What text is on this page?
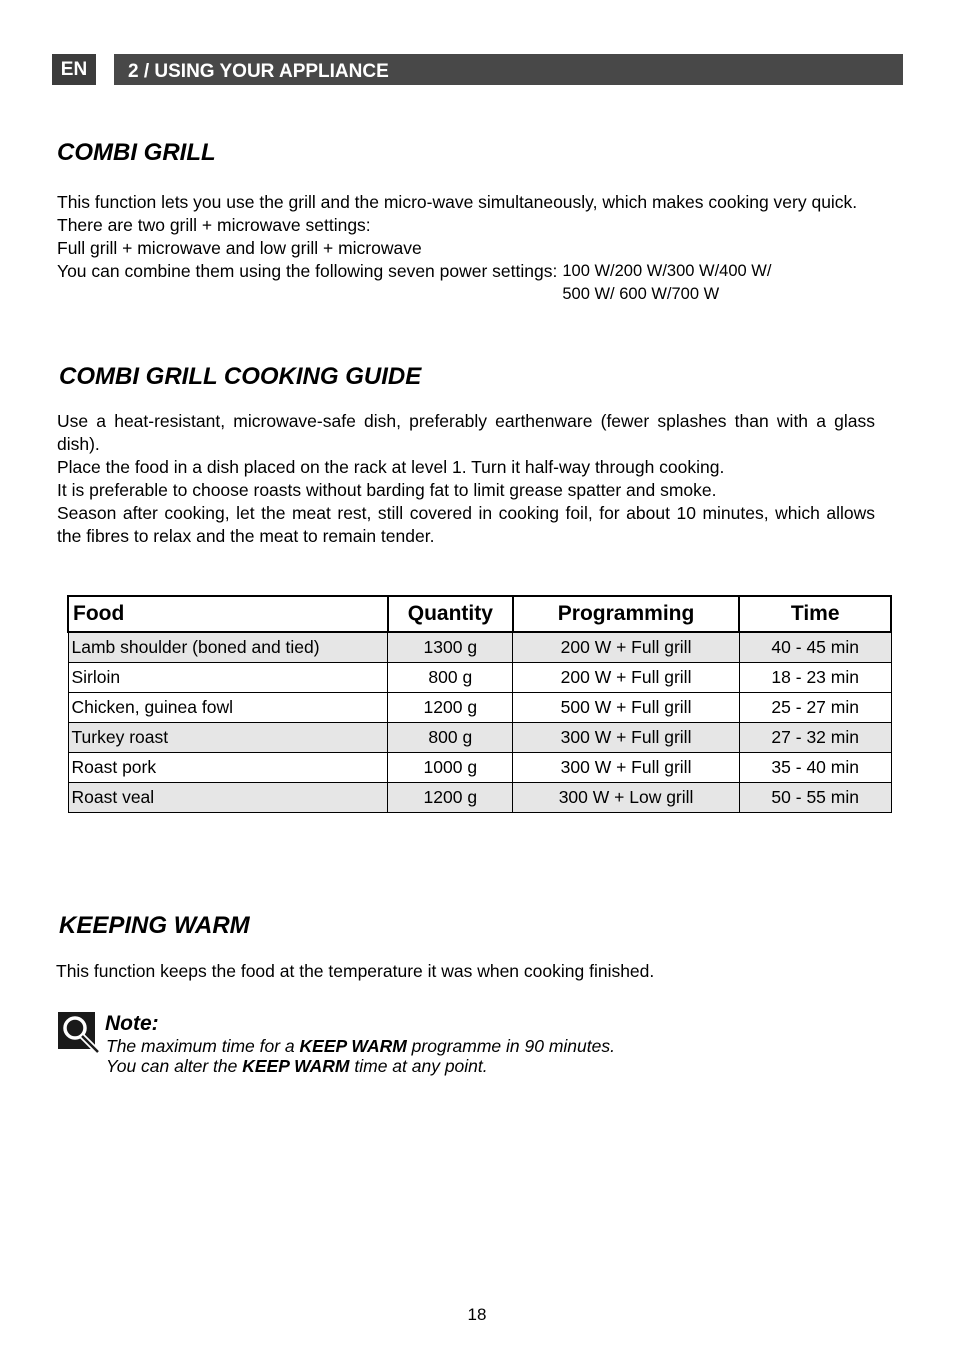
EN	2 / USING YOUR APPLIANCE
COMBI GRILL

This function lets you use the grill and the micro-wave simultaneously, which makes cooking very quick.

There are two grill + microwave settings:

Full grill + microwave and low grill + microwave

You can combine them using the following seven power settings: 100 W/200 W/300 W/400 W/
500 W/ 600 W/700 W
COMBI GRILL COOKING GUIDE

Use a heat-resistant, microwave-safe dish, preferably earthenware (fewer splashes than with a glass dish).

Place the food in a dish placed on the rack at level 1. Turn it half-way through cooking.

It is preferable to choose roasts without barding fat to limit grease spatter and smoke.

Season after cooking, let the meat rest, still covered in cooking foil, for about 10 minutes, which allows the fibres to relax and the meat to remain tender.

Food	Quantity	Programming	Time
Lamb shoulder (boned and tied)	1300 g	200 W + Full grill	40 - 45 min
Sirloin	800 g	200 W + Full grill	18 - 23 min
Chicken, guinea fowl	1200 g	500 W + Full grill	25 - 27 min
Turkey roast	800 g	300 W + Full grill	27 - 32 min
Roast pork	1000 g	300 W + Full grill	35 - 40 min
Roast veal	1200 g	300 W + Low grill	50 - 55 min
KEEPING WARM

This function keeps the food at the temperature it was when cooking finished.

Note:
The maximum time for a KEEP WARM programme in 90 minutes.
You can alter the KEEP WARM time at any point.
18
